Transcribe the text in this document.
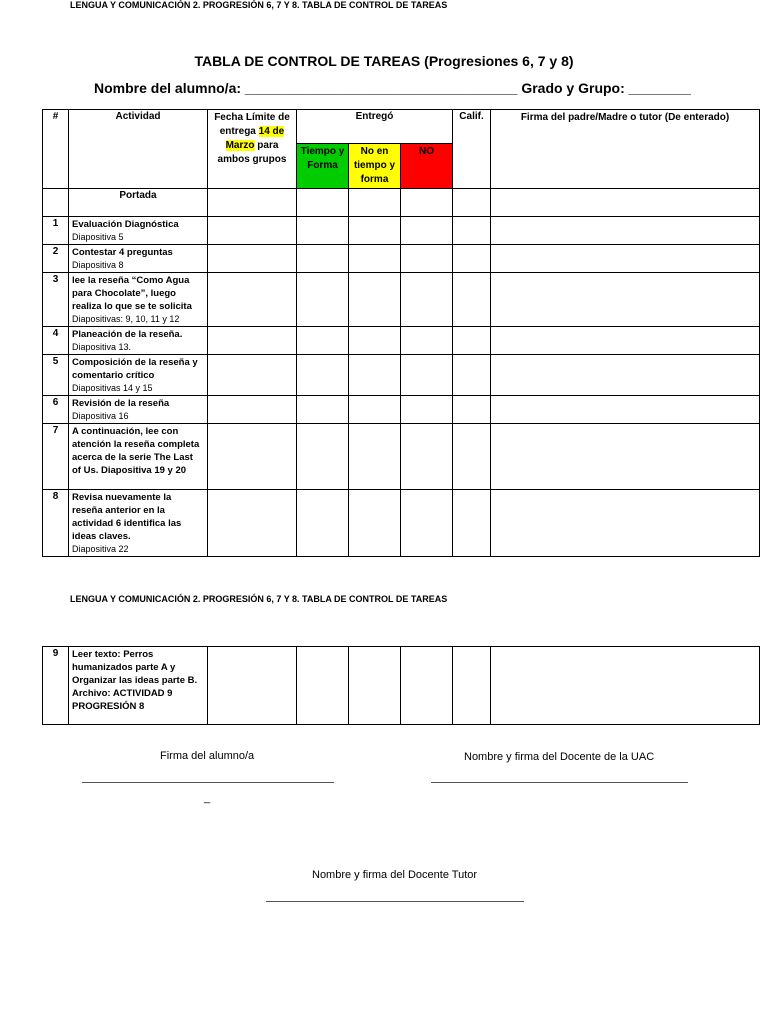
LENGUA Y COMUNICACIÓN 2. PROGRESIÓN 6, 7 Y 8. TABLA DE CONTROL DE TAREAS
TABLA DE CONTROL DE TAREAS (Progresiones 6, 7 y 8)
Nombre del alumno/a: ___________________________________ Grado y Grupo: ________
#	Actividad	Fecha Límite de entrega 14 de Marzo para ambos grupos	Entregó			Calif.	Firma del padre/Madre o tutor (De enterado)
			Tiempo y Forma	No en tiempo y forma	NO		
	Portada						
1	Evaluación Diagnóstica
Diapositiva 5						

2	Contestar 4 preguntas
Diapositiva 8						

3	lee la reseña “Como Agua para Chocolate”, luego realiza lo que se te solicita
Diapositivas: 9, 10, 11 y 12						

4	Planeación de la reseña.
Diapositiva 13.						

5	Composición de la reseña y comentario crítico
Diapositivas 14 y 15						

6	Revisión de la reseña
Diapositiva 16						

7	A continuación, lee con atención la reseña completa acerca de la serie The Last of Us. Diapositiva 19 y 20						

8	Revisa nuevamente la reseña anterior en la actividad 6 identifica las ideas claves.
Diapositiva 22						

LENGUA Y COMUNICACIÓN 2. PROGRESIÓN 6, 7 Y 8. TABLA DE CONTROL DE TAREAS
9	Leer texto: Perros humanizados parte A y Organizar las ideas parte B. Archivo: ACTIVIDAD 9 PROGRESIÓN 8

Firma del alumno/a
_
Nombre y firma del Docente de la UAC
Nombre y firma del Docente Tutor
